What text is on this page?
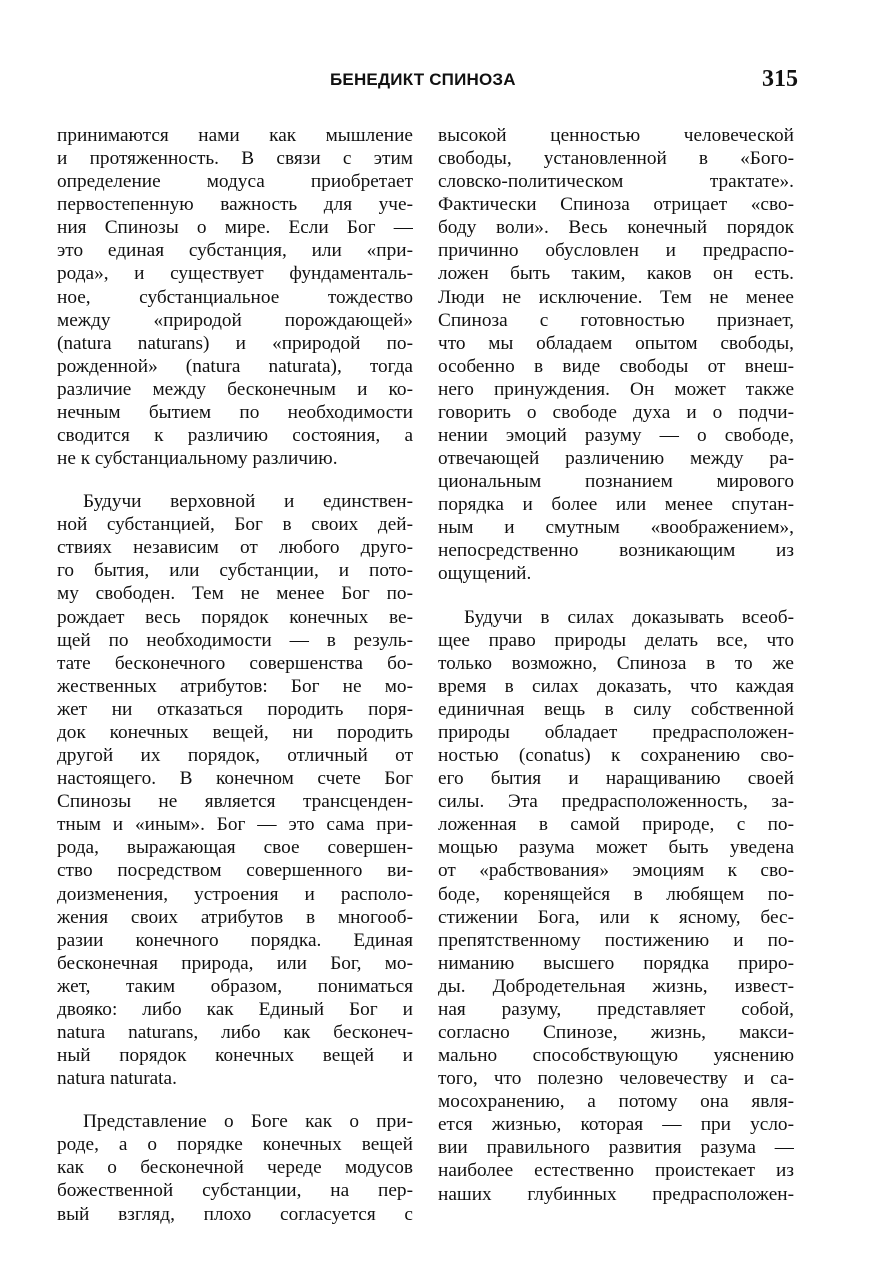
БЕНЕДИКТ СПИНОЗА	315
принимаются нами как мышление
и протяженность. В связи с этим
определение модуса приобретает
первостепенную важность для уче-
ния Спинозы о мире. Если Бог —
это единая субстанция, или «при-
рода», и существует фундаменталь-
ное, субстанциальное тождество
между «природой порождающей»
(natura naturans) и «природой по-
рожденной» (natura naturata), тогда
различие между бесконечным и ко-
нечным бытием по необходимости
сводится к различию состояния, а
не к субстанциальному различию.
Будучи верховной и единствен-
ной субстанцией, Бог в своих дей-
ствиях независим от любого друго-
го бытия, или субстанции, и пото-
му свободен. Тем не менее Бог по-
рождает весь порядок конечных ве-
щей по необходимости — в резуль-
тате бесконечного совершенства бо-
жественных атрибутов: Бог не мо-
жет ни отказаться породить поря-
док конечных вещей, ни породить
другой их порядок, отличный от
настоящего. В конечном счете Бог
Спинозы не является трансценден-
тным и «иным». Бог — это сама при-
рода, выражающая свое совершен-
ство посредством совершенного ви-
доизменения, устроения и располо-
жения своих атрибутов в многооб-
разии конечного порядка. Единая
бесконечная природа, или Бог, мо-
жет, таким образом, пониматься
двояко: либо как Единый Бог и
natura naturans, либо как бесконеч-
ный порядок конечных вещей и
natura naturata.
Представление о Боге как о при-
роде, а о порядке конечных вещей
как о бесконечной череде модусов
божественной субстанции, на пер-
вый взгляд, плохо согласуется с
высокой ценностью человеческой
свободы, установленной в «Бого-
словско-политическом трактате».
Фактически Спиноза отрицает «сво-
боду воли». Весь конечный порядок
причинно обусловлен и предраспо-
ложен быть таким, каков он есть.
Люди не исключение. Тем не менее
Спиноза с готовностью признает,
что мы обладаем опытом свободы,
особенно в виде свободы от внеш-
него принуждения. Он может также
говорить о свободе духа и о подчи-
нении эмоций разуму — о свободе,
отвечающей различению между ра-
циональным познанием мирового
порядка и более или менее спутан-
ным и смутным «воображением»,
непосредственно возникающим из
ощущений.
Будучи в силах доказывать всеоб-
щее право природы делать все, что
только возможно, Спиноза в то же
время в силах доказать, что каждая
единичная вещь в силу собственной
природы обладает предрасположен-
ностью (conatus) к сохранению сво-
его бытия и наращиванию своей
силы. Эта предрасположенность, за-
ложенная в самой природе, с по-
мощью разума может быть уведена
от «рабствования» эмоциям к сво-
боде, коренящейся в любящем по-
стижении Бога, или к ясному, бес-
препятственному постижению и по-
ниманию высшего порядка приро-
ды. Добродетельная жизнь, извест-
ная разуму, представляет собой,
согласно Спинозе, жизнь, макси-
мально способствующую уяснению
того, что полезно человечеству и са-
мосохранению, а потому она явля-
ется жизнью, которая — при усло-
вии правильного развития разума —
наиболее естественно проистекает из
наших глубинных предрасположен-
